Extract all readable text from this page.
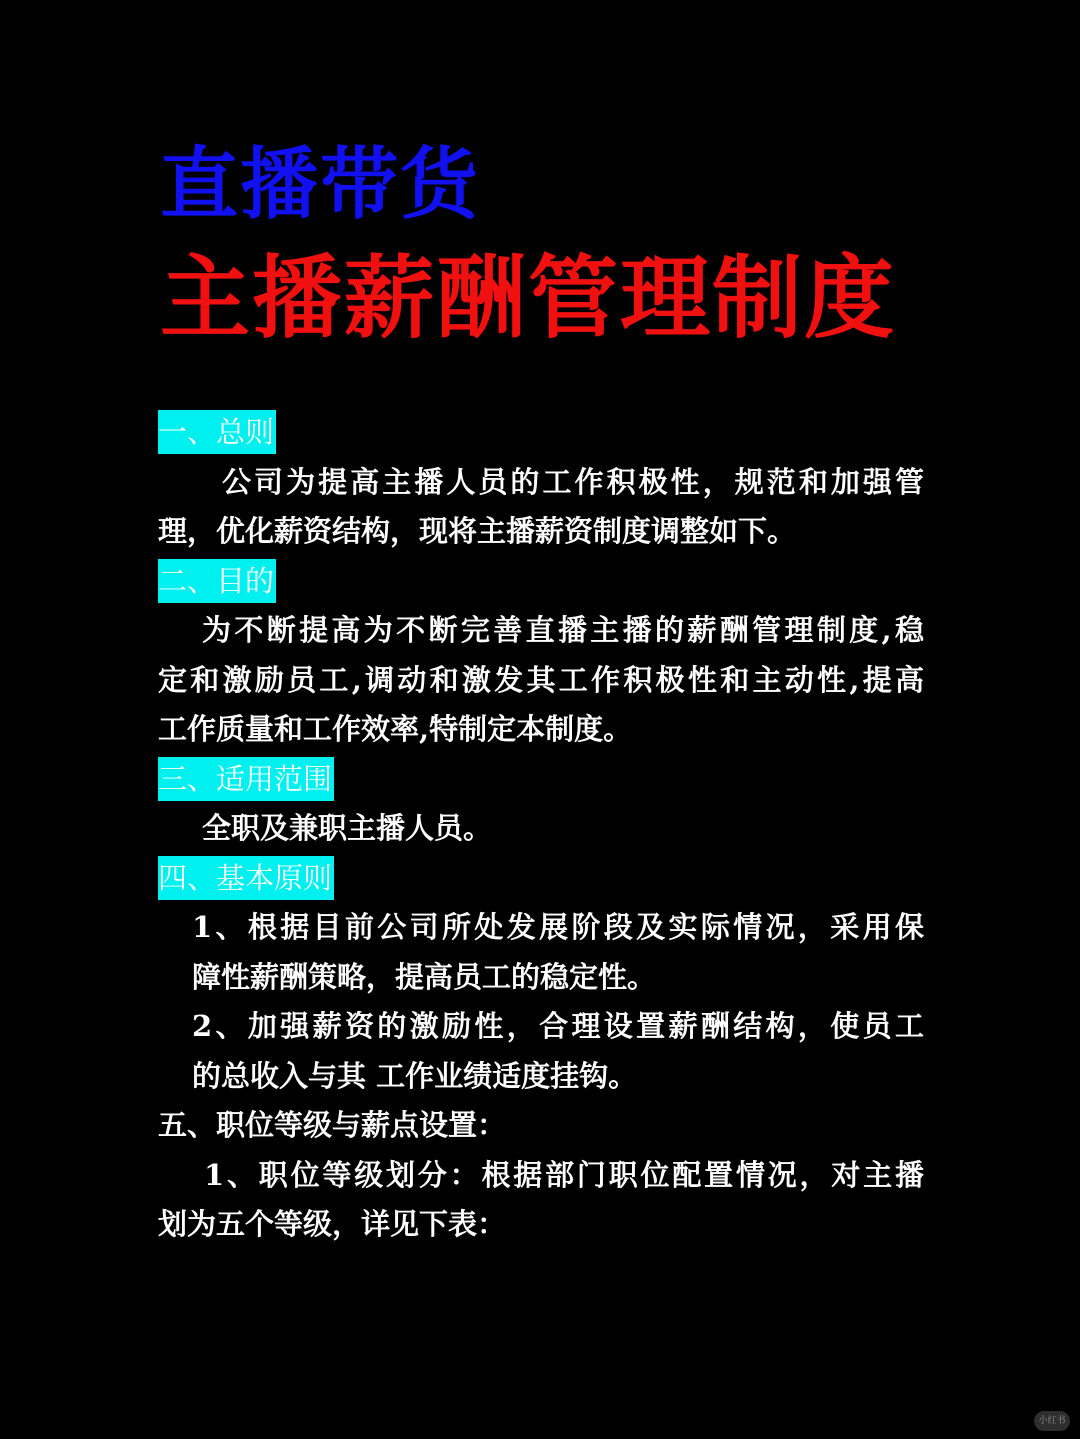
直播带货
主播薪酬管理制度
一、总则
公司为提高主播人员的工作积极性，规范和加强管
理，优化薪资结构，现将主播薪资制度调整如下。
二、目的
为不断提高为不断完善直播主播的薪酬管理制度,稳
定和激励员工,调动和激发其工作积极性和主动性,提高
工作质量和工作效率,特制定本制度。
三、适用范围
全职及兼职主播人员。
四、基本原则
1、根据目前公司所处发展阶段及实际情况，采用保
障性薪酬策略，提高员工的稳定性。
2、加强薪资的激励性，合理设置薪酬结构，使员工
的总收入与其 工作业绩适度挂钩。
五、职位等级与薪点设置：
1、职位等级划分：根据部门职位配置情况，对主播
划为五个等级，详见下表：
小红书
